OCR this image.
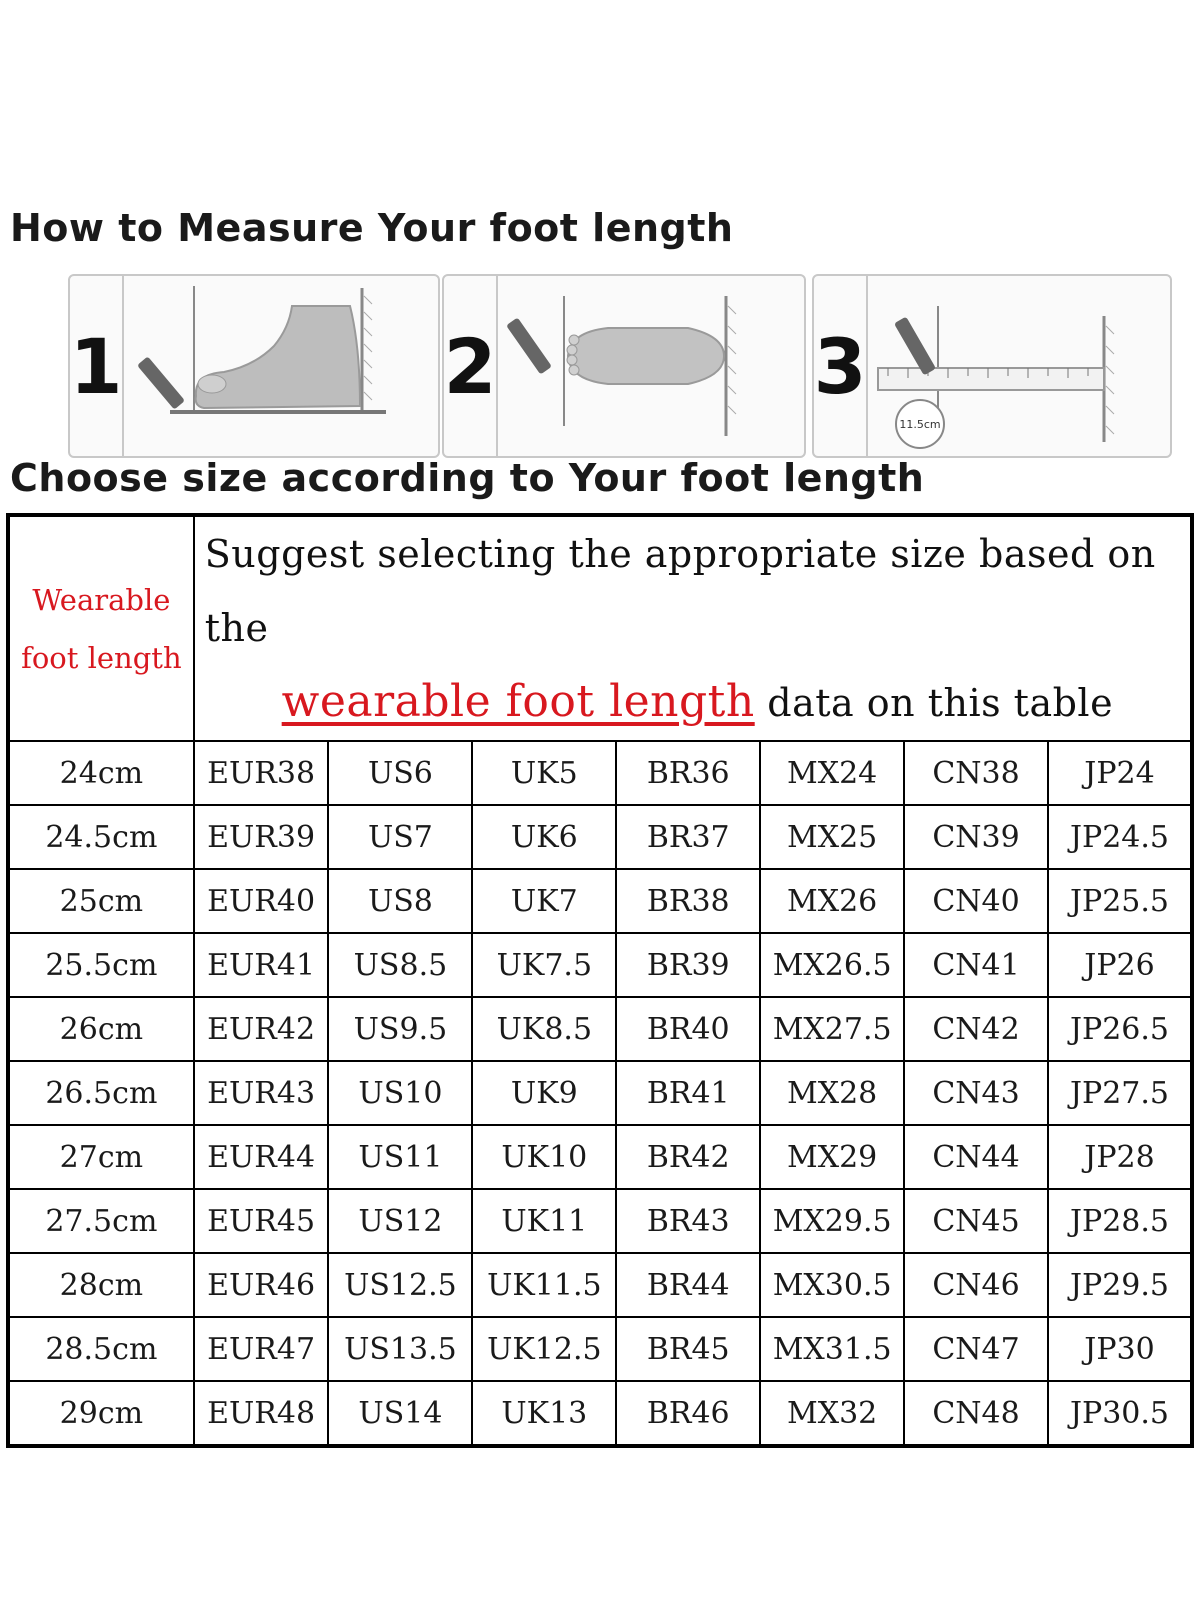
How to Measure Your foot length
1	2	3
11.5cm
Choose size according to Your foot length
Wearable
foot length	Suggest selecting the appropriate size based on the

wearable foot length data on this table						

24cm	EUR38	US6	UK5	BR36	MX24	CN38	JP24
24.5cm	EUR39	US7	UK6	BR37	MX25	CN39	JP24.5
25cm	EUR40	US8	UK7	BR38	MX26	CN40	JP25.5
25.5cm	EUR41	US8.5	UK7.5	BR39	MX26.5	CN41	JP26
26cm	EUR42	US9.5	UK8.5	BR40	MX27.5	CN42	JP26.5
26.5cm	EUR43	US10	UK9	BR41	MX28	CN43	JP27.5
27cm	EUR44	US11	UK10	BR42	MX29	CN44	JP28
27.5cm	EUR45	US12	UK11	BR43	MX29.5	CN45	JP28.5
28cm	EUR46	US12.5	UK11.5	BR44	MX30.5	CN46	JP29.5
28.5cm	EUR47	US13.5	UK12.5	BR45	MX31.5	CN47	JP30
29cm	EUR48	US14	UK13	BR46	MX32	CN48	JP30.5
